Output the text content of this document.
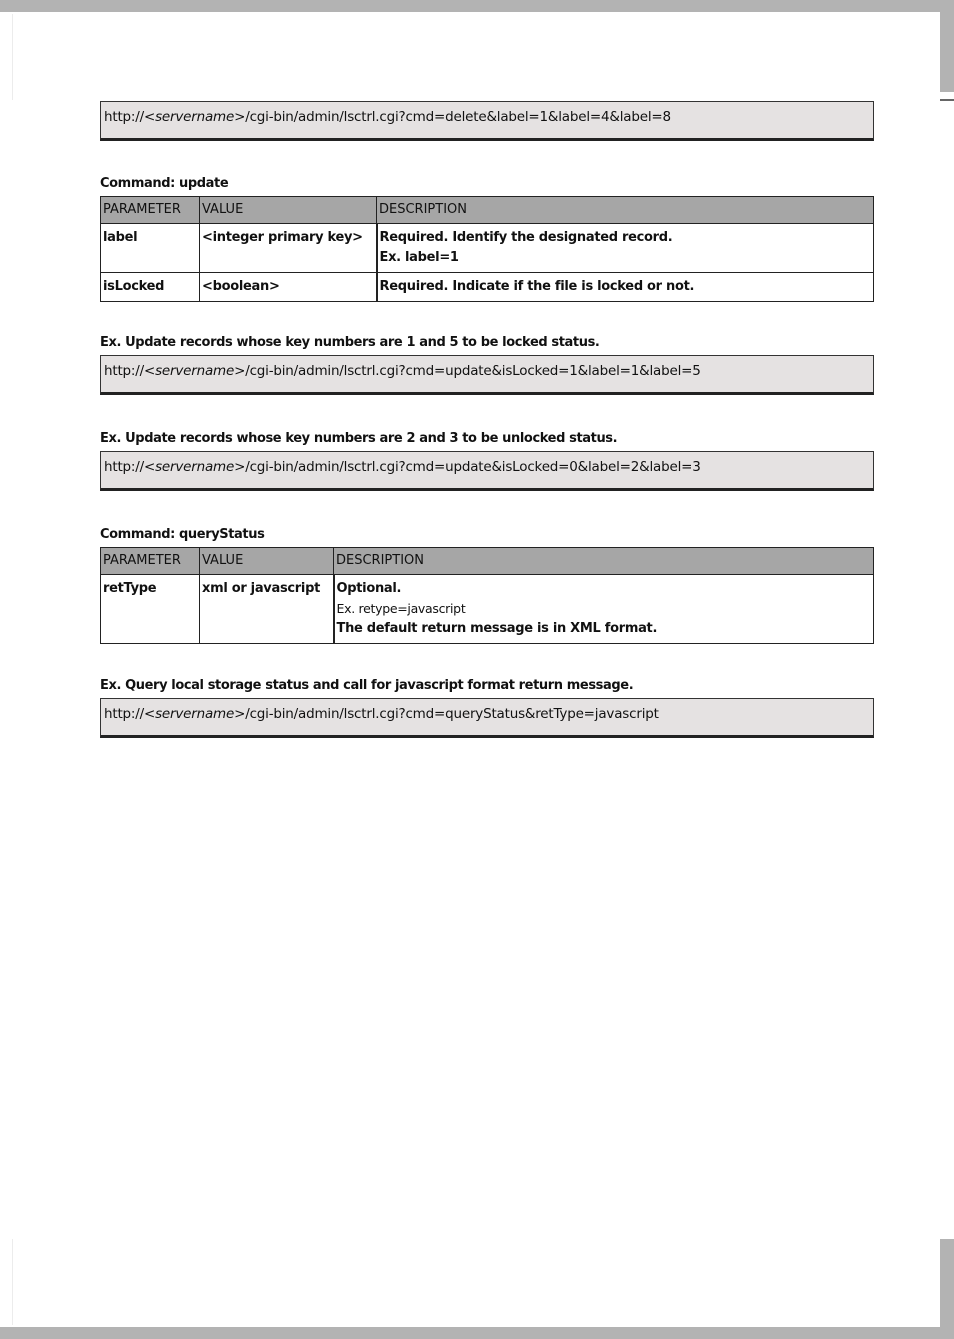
http://<servername>/cgi-bin/admin/lsctrl.cgi?cmd=delete&label=1&label=4&label=8
Command: update
PARAMETER	VALUE	DESCRIPTION
label	<integer primary key>	Required. Identify the designated record.
Ex. label=1

isLocked	<boolean>	Required. Indicate if the file is locked or not.
Ex. Update records whose key numbers are 1 and 5 to be locked status.
http://<servername>/cgi-bin/admin/lsctrl.cgi?cmd=update&isLocked=1&label=1&label=5
Ex. Update records whose key numbers are 2 and 3 to be unlocked status.
http://<servername>/cgi-bin/admin/lsctrl.cgi?cmd=update&isLocked=0&label=2&label=3
Command: queryStatus
PARAMETER	VALUE	DESCRIPTION
retType	xml or javascript	Optional.
Ex. retype=javascript
The default return message is in XML format.
Ex. Query local storage status and call for javascript format return message.
http://<servername>/cgi-bin/admin/lsctrl.cgi?cmd=queryStatus&retType=javascript
